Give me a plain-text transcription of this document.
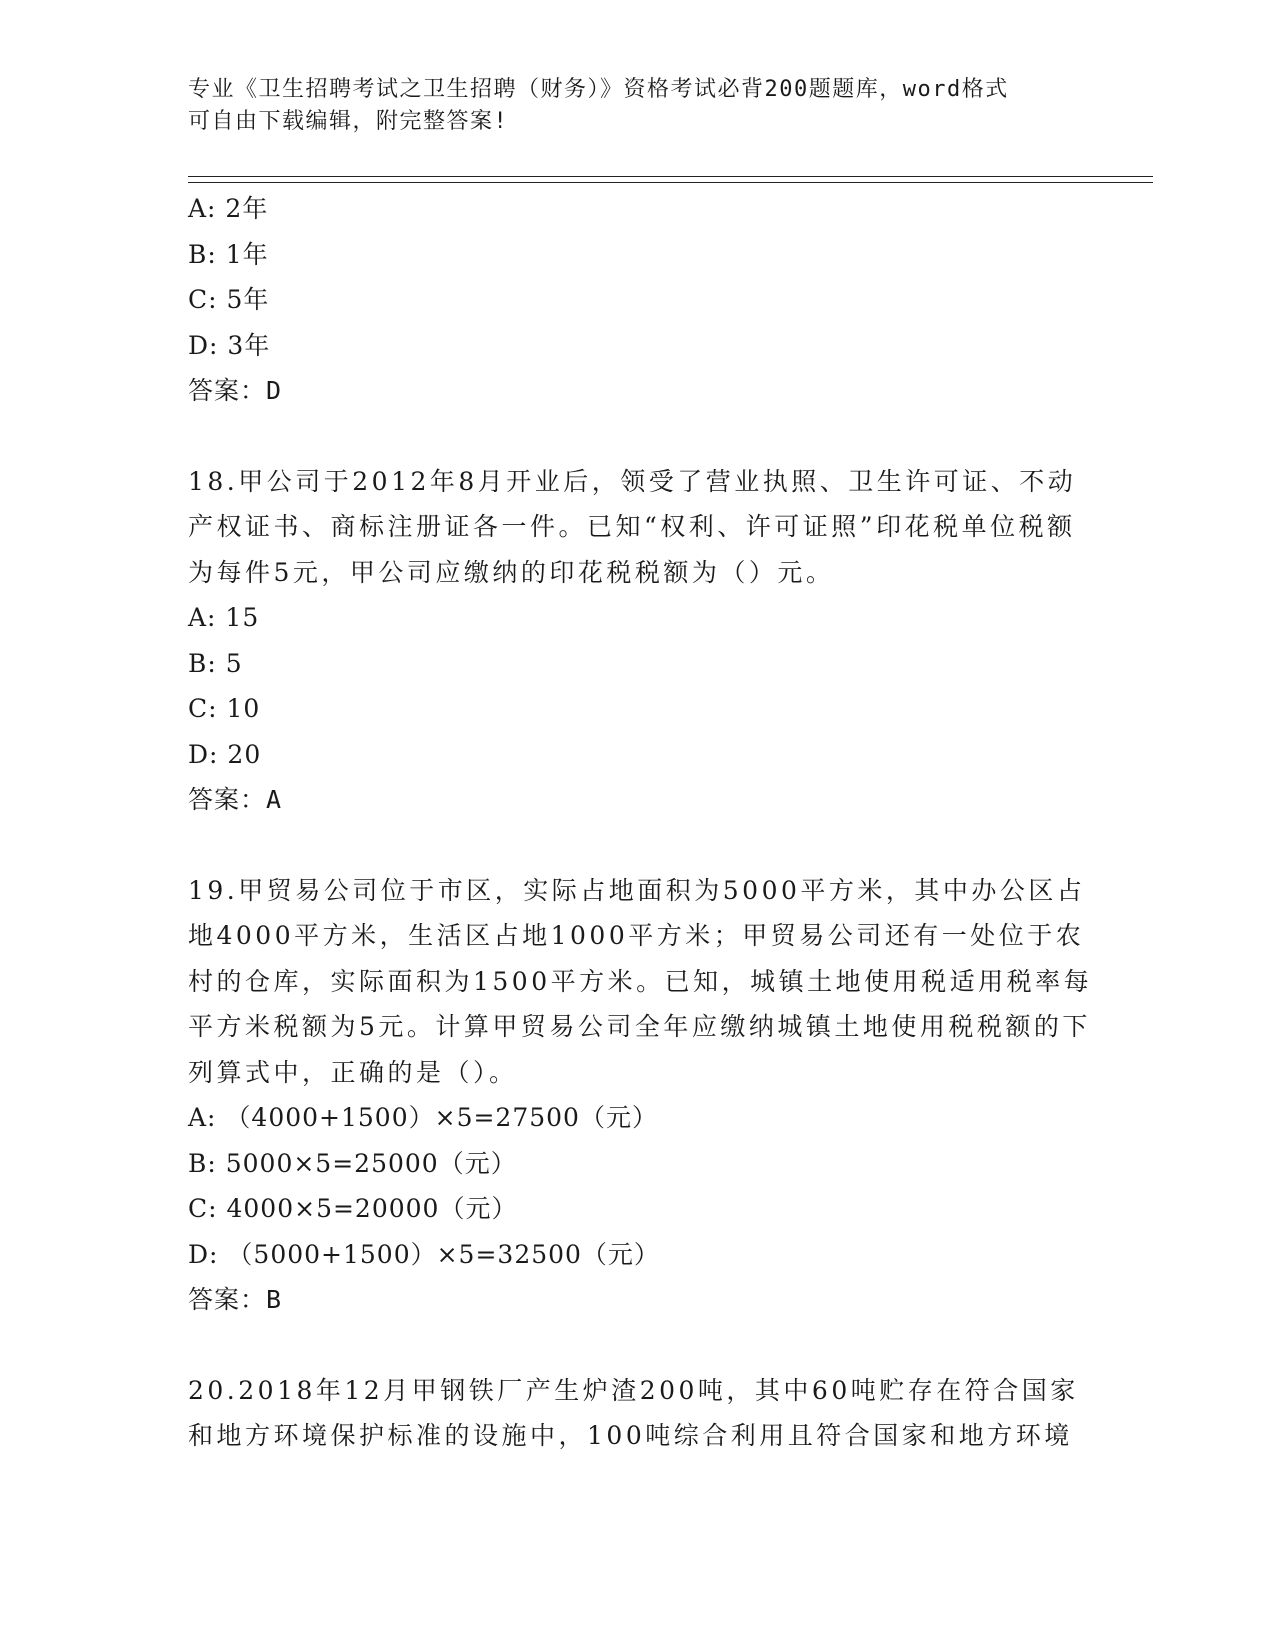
专业《卫生招聘考试之卫生招聘（财务）》资格考试必背200题题库，word格式
可自由下载编辑，附完整答案!
A: 2年
B: 1年
C: 5年
D: 3年
答案：D
18.甲公司于2012年8月开业后，领受了营业执照、卫生许可证、不动产权证书、商标注册证各一件。已知“权利、许可证照”印花税单位税额为每件5元，甲公司应缴纳的印花税税额为（）元。
A: 15
B: 5
C: 10
D: 20
答案：A
19.甲贸易公司位于市区，实际占地面积为5000平方米，其中办公区占地4000平方米，生活区占地1000平方米；甲贸易公司还有一处位于农村的仓库，实际面积为1500平方米。已知，城镇土地使用税适用税率每平方米税额为5元。计算甲贸易公司全年应缴纳城镇土地使用税税额的下列算式中，正确的是（）。
A: （4000+1500）×5=27500（元）
B: 5000×5=25000（元）
C: 4000×5=20000（元）
D: （5000+1500）×5=32500（元）
答案：B
20.2018年12月甲钢铁厂产生炉渣200吨，其中60吨贮存在符合国家和地方环境保护标准的设施中，100吨综合利用且符合国家和地方环境
